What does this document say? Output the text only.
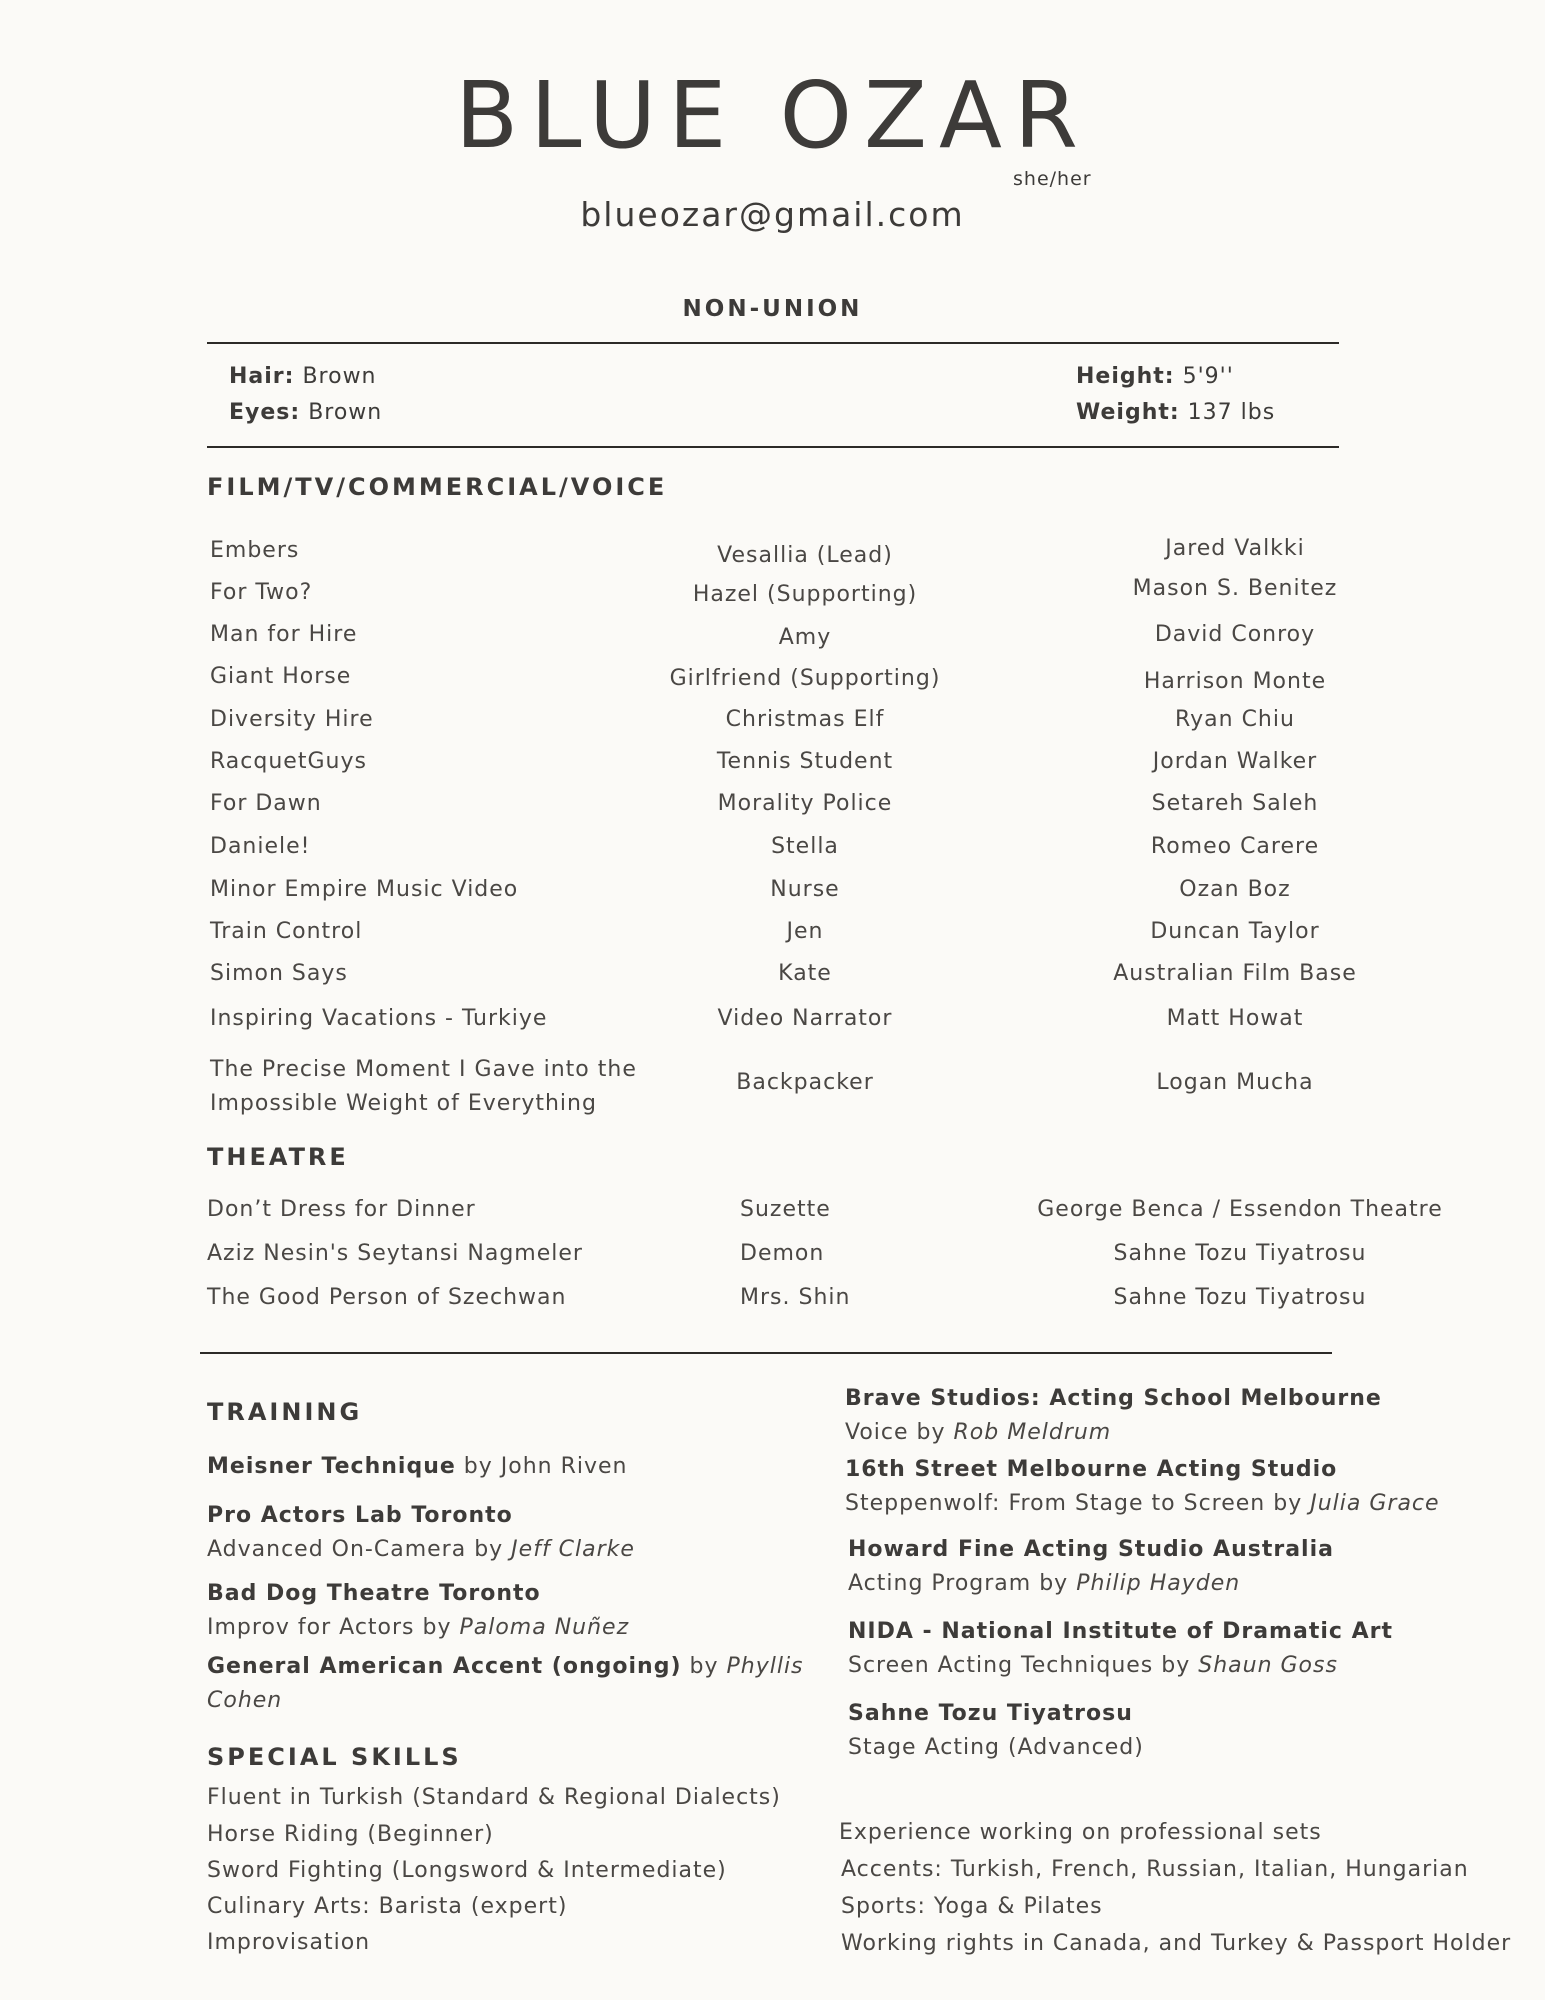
BLUE OZAR
she/her
blueozar@gmail.com
NON-UNION
Hair: Brown
Eyes: Brown
Height: 5'9''
Weight: 137 lbs
FILM/TV/COMMERCIAL/VOICE
Embers	Vesallia (Lead)	Jared Valkki
For Two?	Hazel (Supporting)	Mason S. Benitez
Man for Hire	Amy	David Conroy
Giant Horse	Girlfriend (Supporting)	Harrison Monte
Diversity Hire	Christmas Elf	Ryan Chiu
RacquetGuys	Tennis Student	Jordan Walker
For Dawn	Morality Police	Setareh Saleh
Daniele!	Stella	Romeo Carere
Minor Empire Music Video	Nurse	Ozan Boz
Train Control	Jen	Duncan Taylor
Simon Says	Kate	Australian Film Base
Inspiring Vacations - Turkiye	Video Narrator	Matt Howat
The Precise Moment I Gave into the
Impossible Weight of Everything
Backpacker	Logan Mucha
THEATRE
Don’t Dress for Dinner	Suzette	George Benca / Essendon Theatre
Aziz Nesin's Seytansi Nagmeler	Demon	Sahne Tozu Tiyatrosu
The Good Person of Szechwan	Mrs. Shin	Sahne Tozu Tiyatrosu
TRAINING
Meisner Technique by John Riven
Pro Actors Lab Toronto
Advanced On-Camera by Jeff Clarke
Bad Dog Theatre Toronto
Improv for Actors by Paloma Nuñez
General American Accent (ongoing) by Phyllis
Cohen
Brave Studios: Acting School Melbourne
Voice by Rob Meldrum
16th Street Melbourne Acting Studio
Steppenwolf: From Stage to Screen by Julia Grace
Howard Fine Acting Studio Australia
Acting Program by Philip Hayden
NIDA - National Institute of Dramatic Art
Screen Acting Techniques by Shaun Goss
Sahne Tozu Tiyatrosu
Stage Acting (Advanced)
SPECIAL SKILLS
Fluent in Turkish (Standard & Regional Dialects)
Horse Riding (Beginner)
Sword Fighting (Longsword & Intermediate)
Culinary Arts: Barista (expert)
Improvisation
Experience working on professional sets
Accents: Turkish, French, Russian, Italian, Hungarian
Sports: Yoga & Pilates
Working rights in Canada, and Turkey & Passport Holder
